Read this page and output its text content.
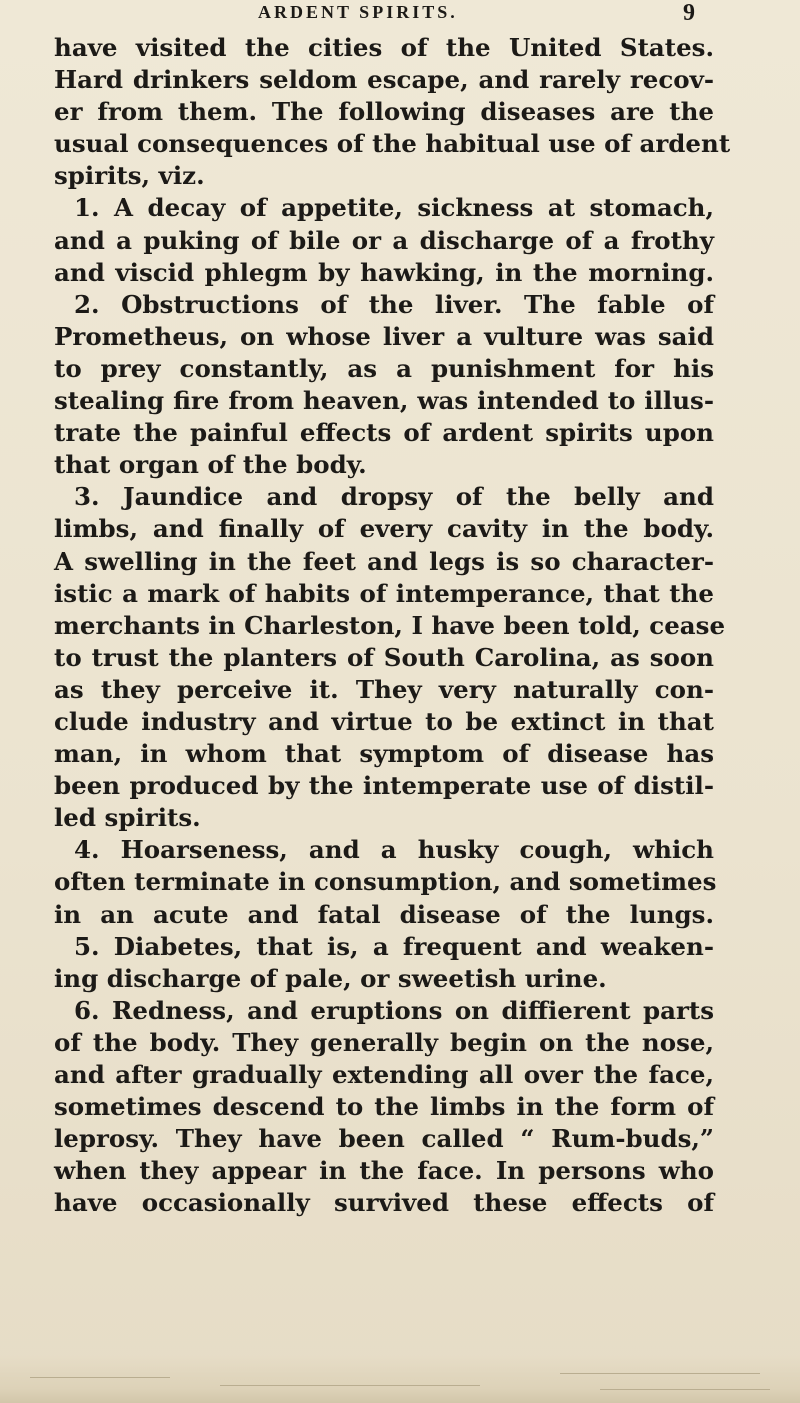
ARDENT SPIRITS.	9
have visited the cities of the United States.
Hard drinkers seldom escape, and rarely recov-
er from them. The following diseases are the
usual consequences of the habitual use of ardent
spirits, viz.
1. A decay of appetite, sickness at stomach,
and a puking of bile or a discharge of a frothy
and viscid phlegm by hawking, in the morning.
2. Obstructions of the liver. The fable of
Prometheus, on whose liver a vulture was said
to prey constantly, as a punishment for his
stealing fire from heaven, was intended to illus-
trate the painful effects of ardent spirits upon
that organ of the body.
3. Jaundice and dropsy of the belly and
limbs, and finally of every cavity in the body.
A swelling in the feet and legs is so character-
istic a mark of habits of intemperance, that the
merchants in Charleston, I have been told, cease
to trust the planters of South Carolina, as soon
as they perceive it. They very naturally con-
clude industry and virtue to be extinct in that
man, in whom that symptom of disease has
been produced by the intemperate use of distil-
led spirits.
4. Hoarseness, and a husky cough, which
often terminate in consumption, and sometimes
in an acute and fatal disease of the lungs.
5. Diabetes, that is, a frequent and weaken-
ing discharge of pale, or sweetish urine.
6. Redness, and eruptions on diffierent parts
of the body. They generally begin on the nose,
and after gradually extending all over the face,
sometimes descend to the limbs in the form of
leprosy. They have been called “ Rum-buds,”
when they appear in the face. In persons who
have occasionally survived these effects of
